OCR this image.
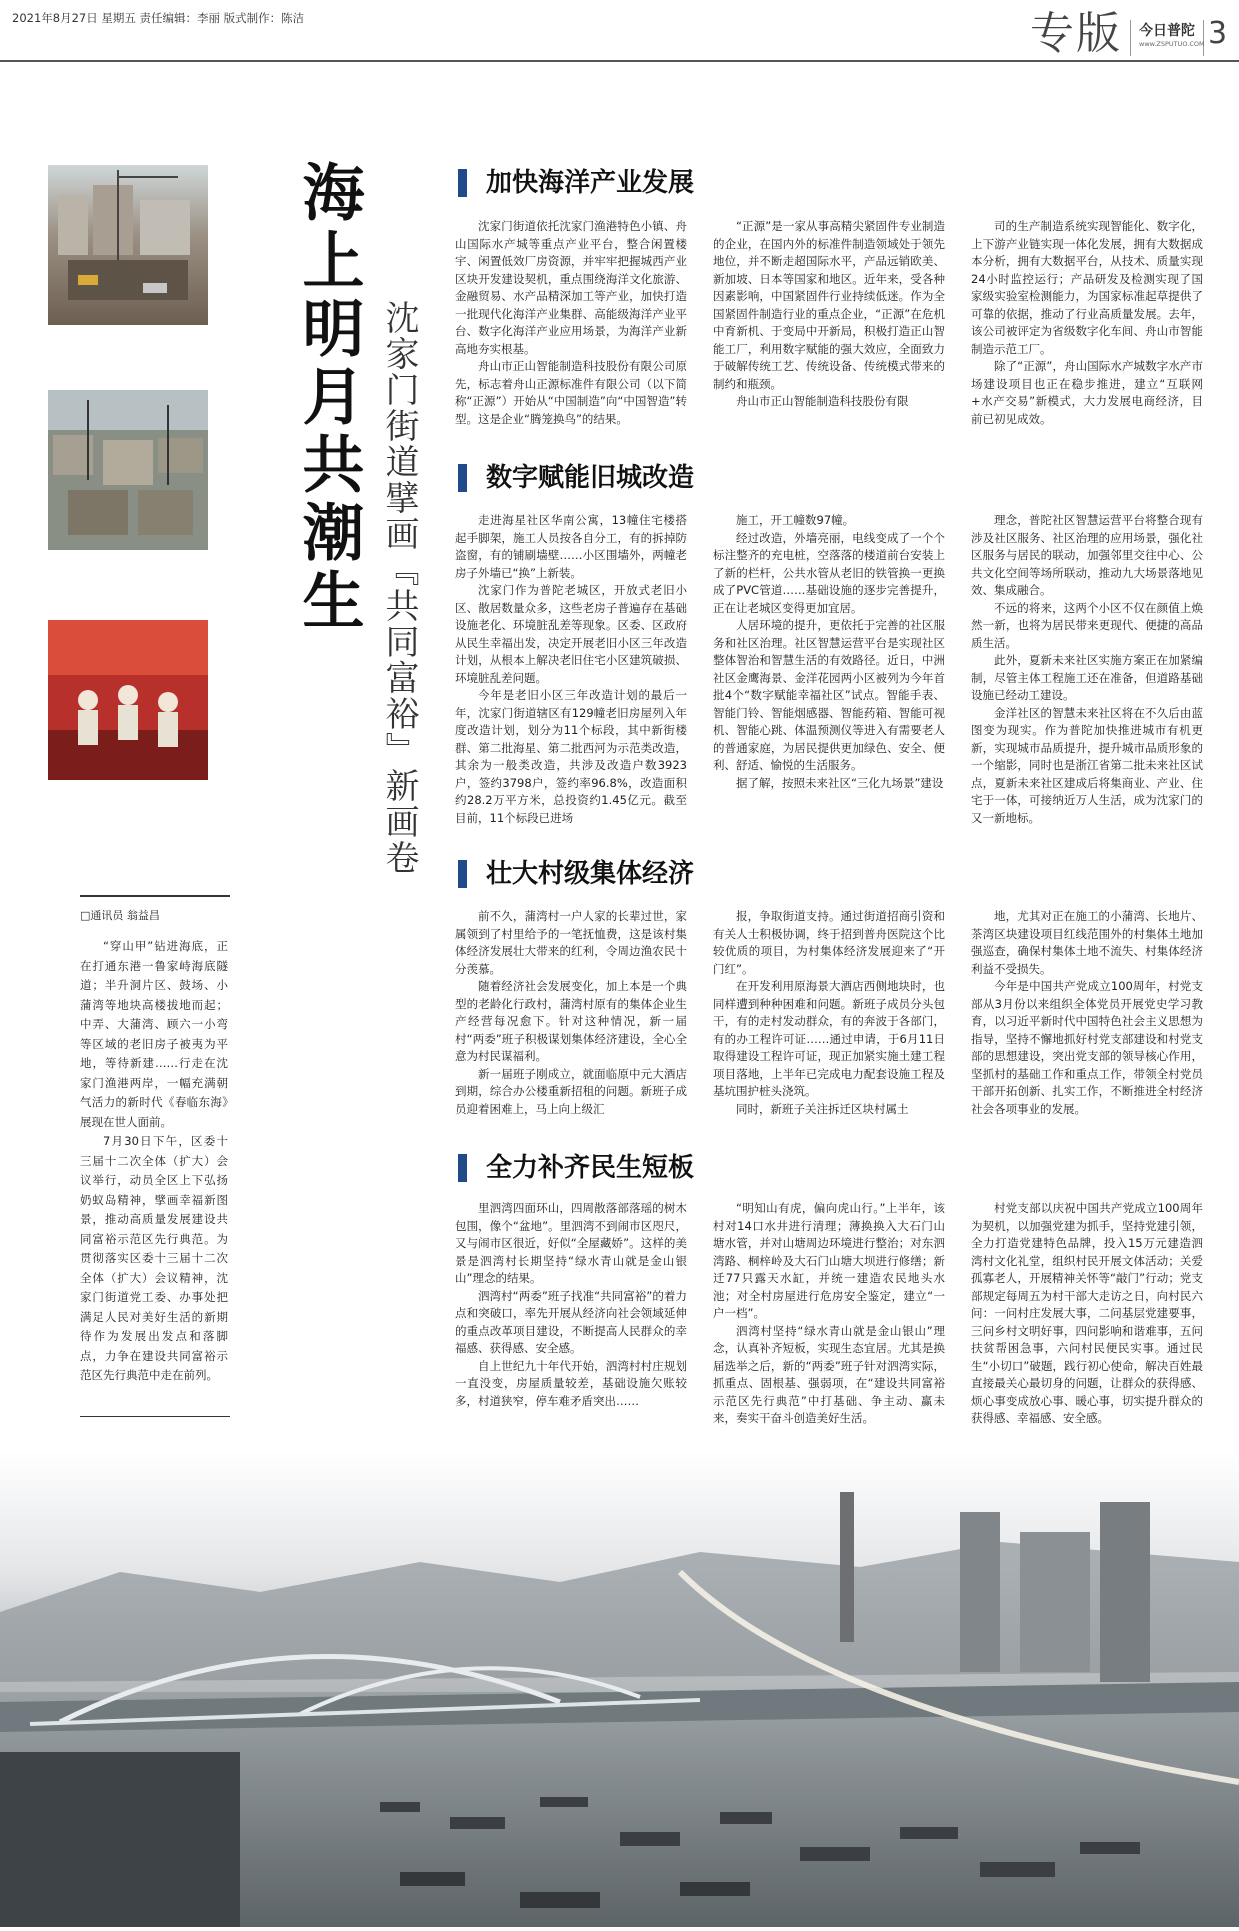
2021年8月27日 星期五 责任编辑：李丽 版式制作：陈洁	专版 今日普陀
www.ZSPUTUO.COM 3
海上明月共潮生 沈家门街道擘画『共同富裕』新画卷
□通讯员 翁益昌

“穿山甲”钻进海底，正在打通东港一鲁家峙海底隧道；半升洞片区、鼓场、小蒲湾等地块高楼拔地而起；中弄、大蒲湾、顾六一小弯等区域的老旧房子被夷为平地，等待新建……行走在沈家门渔港两岸，一幅充满朝气活力的新时代《春临东海》展现在世人面前。

7月30日下午，区委十三届十二次全体（扩大）会议举行，动员全区上下弘扬奶蚁岛精神，擘画幸福新图景，推动高质量发展建设共同富裕示范区先行典范。为贯彻落实区委十三届十二次全体（扩大）会议精神，沈家门街道党工委、办事处把满足人民对美好生活的新期待作为发展出发点和落脚点，力争在建设共同富裕示范区先行典范中走在前列。

加快海洋产业发展

沈家门街道依托沈家门渔港特色小镇、舟山国际水产城等重点产业平台，整合闲置楼宇、闲置低效厂房资源，并牢牢把握城西产业区块开发建设契机，重点围绕海洋文化旅游、金融贸易、水产品精深加工等产业，加快打造一批现代化海洋产业集群、高能级海洋产业平台、数字化海洋产业应用场景，为海洋产业新高地夯实根基。

舟山市正山智能制造科技股份有限公司原先，标志着舟山正源标准件有限公司（以下简称“正源”）开始从“中国制造”向“中国智造”转型。这是企业“腾笼换鸟”的结果。

“正源”是一家从事高精尖紧固件专业制造的企业，在国内外的标准件制造领域处于领先地位，并不断走超国际水平，产品远销欧美、新加坡、日本等国家和地区。近年来，受各种因素影响，中国紧固件行业持续低迷。作为全国紧固件制造行业的重点企业，“正源”在危机中育新机、于变局中开新局，积极打造正山智能工厂，利用数字赋能的强大效应，全面致力于破解传统工艺、传统设备、传统模式带来的制约和瓶颈。

舟山市正山智能制造科技股份有限

司的生产制造系统实现智能化、数字化，上下游产业链实现一体化发展，拥有大数据成本分析，拥有大数据平台，从技术、质量实现24小时监控运行；产品研发及检测实现了国家级实验室检测能力，为国家标准起草提供了可靠的依据，推动了行业高质量发展。去年，该公司被评定为省级数字化车间、舟山市智能制造示范工厂。

除了“正源”，舟山国际水产城数字水产市场建设项目也正在稳步推进，建立“互联网+水产交易”新模式，大力发展电商经济，目前已初见成效。

数字赋能旧城改造

走进海星社区华南公寓，13幢住宅楼搭起手脚架，施工人员按各自分工，有的拆掉防盗窗，有的铺刷墙壁……小区围墙外，两幢老房子外墙已“换”上新装。

沈家门作为普陀老城区，开放式老旧小区、散居数量众多，这些老房子普遍存在基础设施老化、环境脏乱差等现象。区委、区政府从民生幸福出发，决定开展老旧小区三年改造计划，从根本上解决老旧住宅小区建筑破损、环境脏乱差问题。

今年是老旧小区三年改造计划的最后一年，沈家门街道辖区有129幢老旧房屋列入年度改造计划，划分为11个标段，其中新街楼群、第二批海星、第二批西河为示范类改造，其余为一般类改造，共涉及改造户数3923户，签约3798户，签约率96.8%，改造面积约28.2万平方米，总投资约1.45亿元。截至目前，11个标段已进场

施工，开工幢数97幢。

经过改造，外墙亮丽，电线变成了一个个标注整齐的充电桩，空落落的楼道前台安装上了新的栏杆，公共水管从老旧的铁管换一更换成了PVC管道……基础设施的逐步完善提升，正在让老城区变得更加宜居。

人居环境的提升，更依托于完善的社区服务和社区治理。社区智慧运营平台是实现社区整体智治和智慧生活的有效路径。近日，中洲社区金鹰海景、金洋花园两小区被列为今年首批4个“数字赋能幸福社区”试点。智能手表、智能门铃、智能烟感器、智能药箱、智能可视机、智能心跳、体温预测仪等进入有需要老人的普通家庭，为居民提供更加绿色、安全、便利、舒适、愉悦的生活服务。

据了解，按照未来社区“三化九场景”建设

理念，普陀社区智慧运营平台将整合现有涉及社区服务、社区治理的应用场景，强化社区服务与居民的联动，加强邻里交往中心、公共文化空间等场所联动，推动九大场景落地见效、集成融合。

不远的将来，这两个小区不仅在颜值上焕然一新，也将为居民带来更现代、便捷的高品质生活。

此外，夏新未来社区实施方案正在加紧编制，尽管主体工程施工还在准备，但道路基础设施已经动工建设。

金洋社区的智慧未来社区将在不久后由蓝图变为现实。作为普陀加快推进城市有机更新，实现城市品质提升，提升城市品质形象的一个缩影，同时也是浙江省第二批未来社区试点，夏新未来社区建成后将集商业、产业、住宅于一体，可接纳近万人生活，成为沈家门的又一新地标。

壮大村级集体经济

前不久，蒲湾村一户人家的长辈过世，家属领到了村里给予的一笔抚恤费，这是该村集体经济发展壮大带来的红利，令周边渔农民十分羡慕。

随着经济社会发展变化，加上本是一个典型的老龄化行政村，蒲湾村原有的集体企业生产经营每况愈下。针对这种情况，新一届村“两委”班子积极谋划集体经济建设，全心全意为村民谋福利。

新一届班子刚成立，就面临原中元大酒店到期，综合办公楼重新招租的问题。新班子成员迎着困难上，马上向上级汇

报，争取街道支持。通过街道招商引资和有关人士积极协调，终于招到普舟医院这个比较优质的项目，为村集体经济发展迎来了“开门红”。

在开发利用原海景大酒店西侧地块时，也同样遭到种种困难和问题。新班子成员分头包干，有的走村发动群众，有的奔波于各部门，有的办工程许可证……通过申请，于6月11日取得建设工程许可证，现正加紧实施土建工程项目落地，上半年已完成电力配套设施工程及基坑围护桩头浇筑。

同时，新班子关注拆迁区块村属土

地，尤其对正在施工的小蒲湾、长地片、茶湾区块建设项目红线范围外的村集体土地加强巡查，确保村集体土地不流失、村集体经济利益不受损失。

今年是中国共产党成立100周年，村党支部从3月份以来组织全体党员开展党史学习教育，以习近平新时代中国特色社会主义思想为指导，坚持不懈地抓好村党支部建设和村党支部的思想建设，突出党支部的领导核心作用，坚抓村的基础工作和重点工作，带领全村党员干部开拓创新、扎实工作，不断推进全村经济社会各项事业的发展。

全力补齐民生短板

里泗湾四面环山，四周散落部落瑶的树木包围，像个“盆地”。里泗湾不到闹市区咫尺，又与闹市区很近，好似“全屋藏娇”。这样的美景是泗湾村长期坚持“绿水青山就是金山银山”理念的结果。

泗湾村“两委”班子找准“共同富裕”的着力点和突破口，率先开展从经济向社会领域延伸的重点改革项目建设，不断提高人民群众的幸福感、获得感、安全感。

自上世纪九十年代开始，泗湾村村庄规划一直没变，房屋质量较差，基础设施欠账较多，村道狭窄，停车难矛盾突出……

“明知山有虎，偏向虎山行。”上半年，该村对14口水井进行清理；薄换换入大石门山塘水管，并对山塘周边环境进行整治；对东泗湾路、桐梓岭及大石门山塘大坝进行修缮；新迁77只露天水缸，并统一建造农民地头水池；对全村房屋进行危房安全鉴定，建立“一户一档”。

泗湾村坚持“绿水青山就是金山银山”理念，认真补齐短板，实现生态宜居。尤其是换届选举之后，新的“两委”班子针对泗湾实际，抓重点、固根基、强弱项，在“建设共同富裕示范区先行典范”中打基础、争主动、赢未来，奏实干奋斗创造美好生活。

村党支部以庆祝中国共产党成立100周年为契机，以加强党建为抓手，坚持党建引领，全力打造党建特色品牌，投入15万元建造泗湾村文化礼堂，组织村民开展文体活动；关爱孤寡老人，开展精神关怀等“敲门”行动；党支部规定每周五为村干部大走访之日，向村民六问：一问村庄发展大事，二问基层党建要事，三问乡村文明好事，四问影响和谐难事，五问扶贫帮困急事，六问村民便民实事。通过民生“小切口”破题，践行初心使命，解决百姓最直接最关心最切身的问题，让群众的获得感、烦心事变成放心事、暖心事，切实提升群众的获得感、幸福感、安全感。
